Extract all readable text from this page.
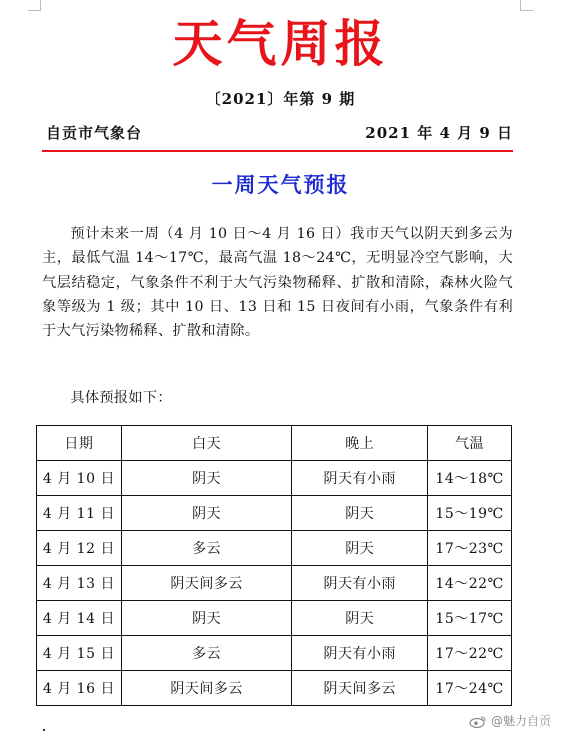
天气周报
〔2021〕年第 9 期
自贡市气象台	2021 年 4 月 9 日
一周天气预报
预计未来一周（4 月 10 日～4 月 16 日）我市天气以阴天到多云为主，最低气温 14～17℃，最高气温 18～24℃，无明显冷空气影响，大气层结稳定，气象条件不利于大气污染物稀释、扩散和清除，森林火险气象等级为 1 级；其中 10 日、13 日和 15 日夜间有小雨，气象条件有利于大气污染物稀释、扩散和清除。
具体预报如下：
日期	白天	晚上	气温
4 月 10 日	阴天	阴天有小雨	14～18℃
4 月 11 日	阴天	阴天	15～19℃
4 月 12 日	多云	阴天	17～23℃
4 月 13 日	阴天间多云	阴天有小雨	14～22℃
4 月 14 日	阴天	阴天	15～17℃
4 月 15 日	多云	阴天有小雨	17～22℃
4 月 16 日	阴天间多云	阴天间多云	17～24℃
@魅力自贡
